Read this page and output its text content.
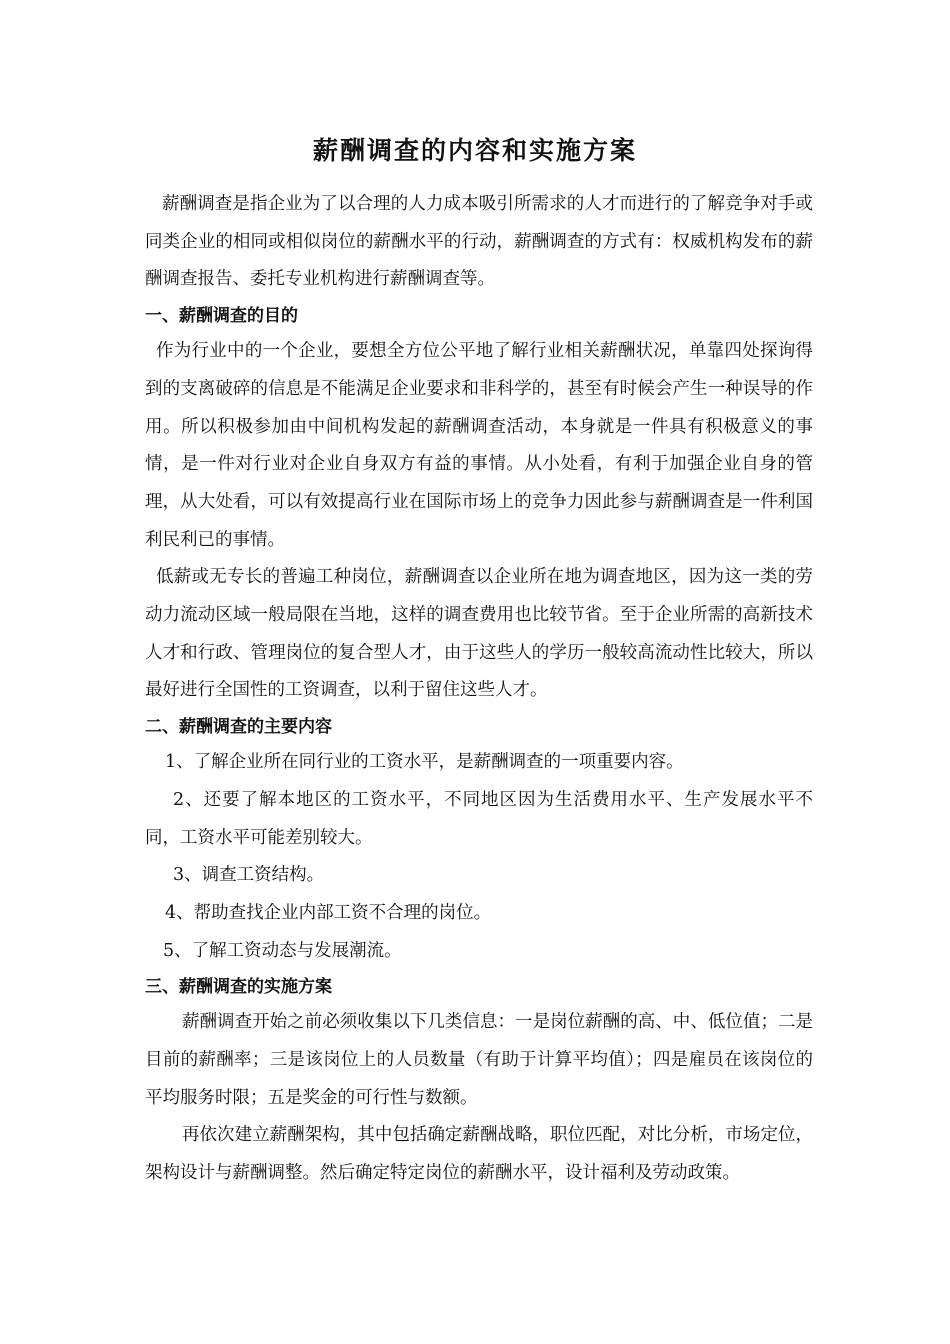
薪酬调查的内容和实施方案

薪酬调查是指企业为了以合理的人力成本吸引所需求的人才而进行的了解竞争对手或同类企业的相同或相似岗位的薪酬水平的行动，薪酬调查的方式有：权威机构发布的薪酬调查报告、委托专业机构进行薪酬调查等。

一、薪酬调查的目的

作为行业中的一个企业，要想全方位公平地了解行业相关薪酬状况，单靠四处探询得到的支离破碎的信息是不能满足企业要求和非科学的，甚至有时候会产生一种误导的作用。所以积极参加由中间机构发起的薪酬调查活动，本身就是一件具有积极意义的事情，是一件对行业对企业自身双方有益的事情。从小处看，有利于加强企业自身的管理，从大处看，可以有效提高行业在国际市场上的竞争力因此参与薪酬调查是一件利国利民利已的事情。

低薪或无专长的普遍工种岗位，薪酬调查以企业所在地为调查地区，因为这一类的劳动力流动区域一般局限在当地，这样的调查费用也比较节省。至于企业所需的高新技术人才和行政、管理岗位的复合型人才，由于这些人的学历一般较高流动性比较大，所以最好进行全国性的工资调查，以利于留住这些人才。

二、薪酬调查的主要内容

1、了解企业所在同行业的工资水平，是薪酬调查的一项重要内容。

2、还要了解本地区的工资水平，不同地区因为生活费用水平、生产发展水平不同，工资水平可能差别较大。

3、调查工资结构。

4、帮助查找企业内部工资不合理的岗位。

5、了解工资动态与发展潮流。

三、薪酬调查的实施方案

薪酬调查开始之前必须收集以下几类信息：一是岗位薪酬的高、中、低位值；二是目前的薪酬率；三是该岗位上的人员数量（有助于计算平均值）；四是雇员在该岗位的平均服务时限；五是奖金的可行性与数额。

再依次建立薪酬架构，其中包括确定薪酬战略，职位匹配，对比分析，市场定位，架构设计与薪酬调整。然后确定特定岗位的薪酬水平，设计福利及劳动政策。
